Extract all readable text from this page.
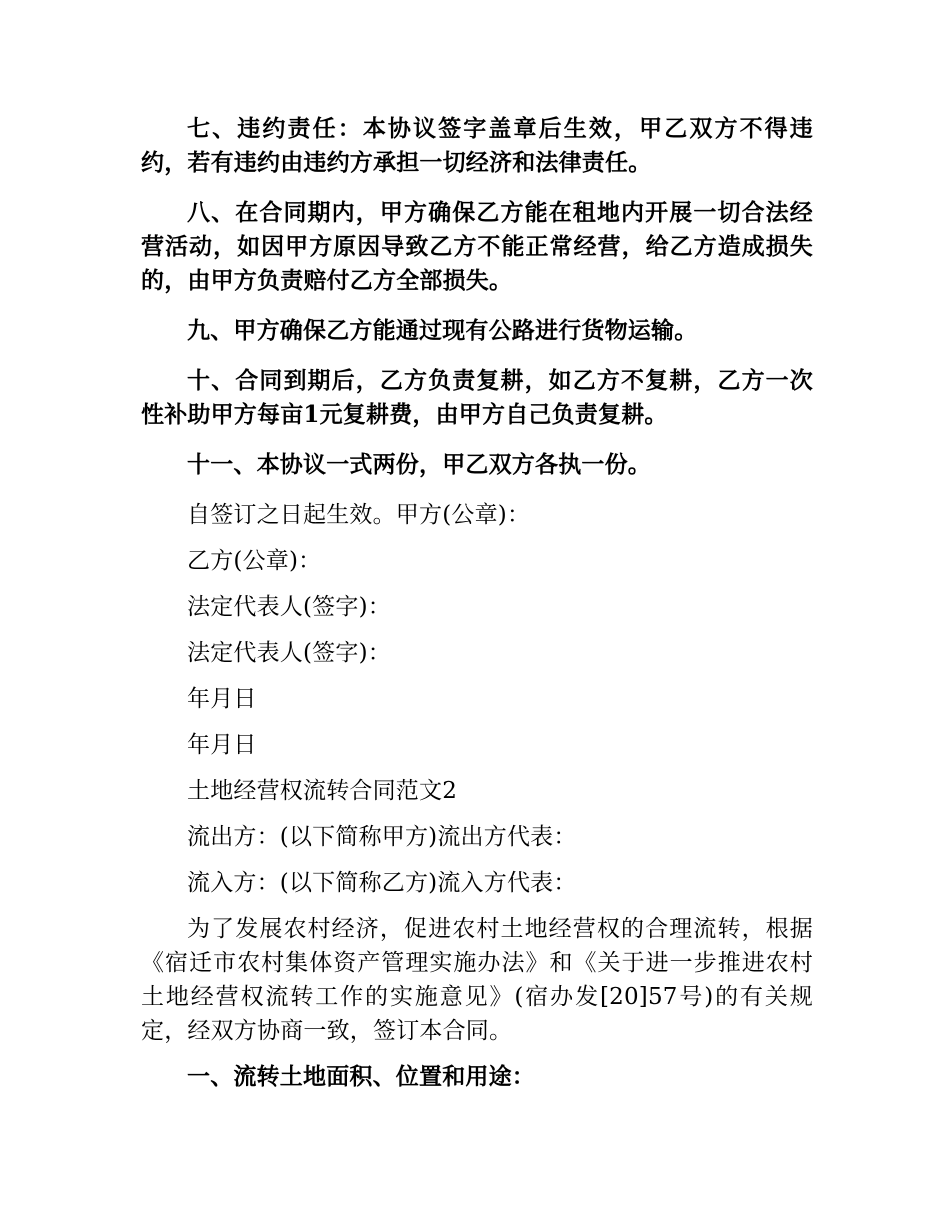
七、违约责任：本协议签字盖章后生效，甲乙双方不得违约，若有违约由违约方承担一切经济和法律责任。

八、在合同期内，甲方确保乙方能在租地内开展一切合法经营活动，如因甲方原因导致乙方不能正常经营，给乙方造成损失的，由甲方负责赔付乙方全部损失。

九、甲方确保乙方能通过现有公路进行货物运输。

十、合同到期后，乙方负责复耕，如乙方不复耕，乙方一次性补助甲方每亩1元复耕费，由甲方自己负责复耕。

十一、本协议一式两份，甲乙双方各执一份。

自签订之日起生效。甲方(公章)：

乙方(公章)：

法定代表人(签字)：

法定代表人(签字)：

年月日

年月日

土地经营权流转合同范文2

流出方：(以下简称甲方)流出方代表：

流入方：(以下简称乙方)流入方代表：

为了发展农村经济，促进农村土地经营权的合理流转，根据《宿迁市农村集体资产管理实施办法》和《关于进一步推进农村土地经营权流转工作的实施意见》(宿办发[20]57号)的有关规定，经双方协商一致，签订本合同。

一、流转土地面积、位置和用途：
